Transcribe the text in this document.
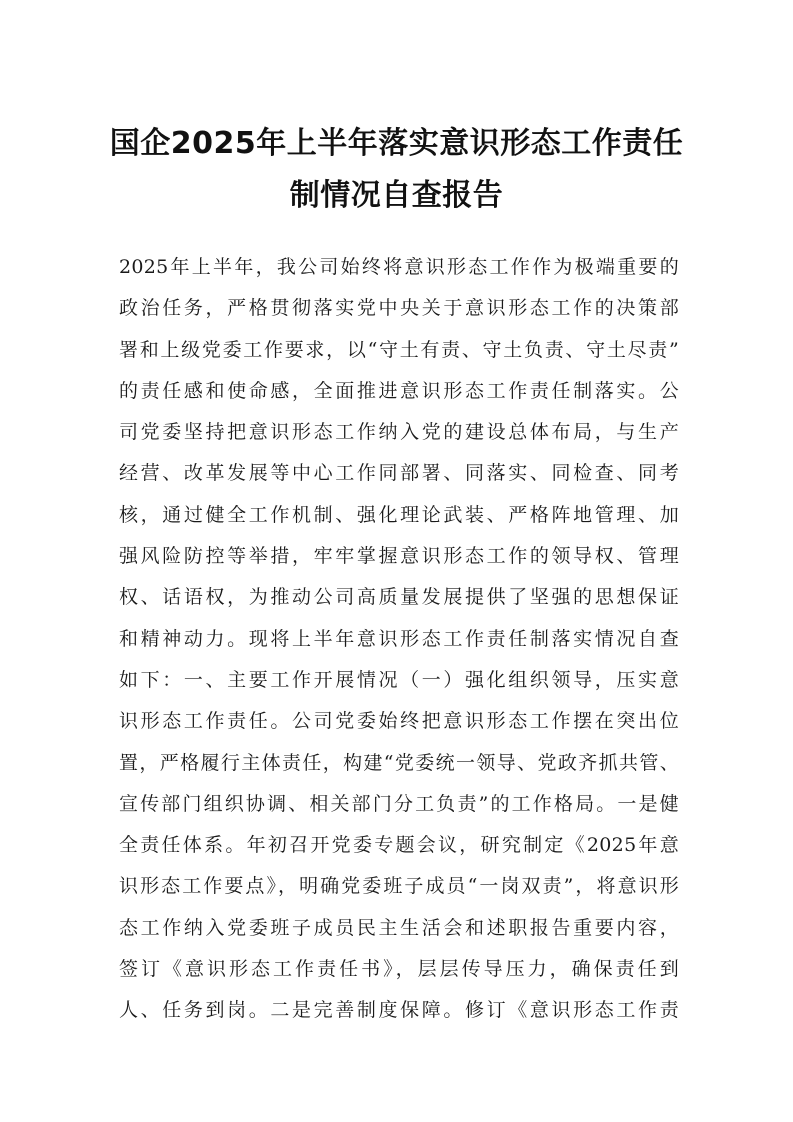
国企2025年上半年落实意识形态工作责任
制情况自查报告
2025年上半年，我公司始终将意识形态工作作为极端重要的
政治任务，严格贯彻落实党中央关于意识形态工作的决策部
署和上级党委工作要求，以“守土有责、守土负责、守土尽责”
的责任感和使命感，全面推进意识形态工作责任制落实。公
司党委坚持把意识形态工作纳入党的建设总体布局，与生产
经营、改革发展等中心工作同部署、同落实、同检查、同考
核，通过健全工作机制、强化理论武装、严格阵地管理、加
强风险防控等举措，牢牢掌握意识形态工作的领导权、管理
权、话语权，为推动公司高质量发展提供了坚强的思想保证
和精神动力。现将上半年意识形态工作责任制落实情况自查
如下：一、主要工作开展情况（一）强化组织领导，压实意
识形态工作责任。公司党委始终把意识形态工作摆在突出位
置，严格履行主体责任，构建“党委统一领导、党政齐抓共管、
宣传部门组织协调、相关部门分工负责”的工作格局。一是健
全责任体系。年初召开党委专题会议，研究制定《2025年意
识形态工作要点》，明确党委班子成员“一岗双责”，将意识形
态工作纳入党委班子成员民主生活会和述职报告重要内容，
签订《意识形态工作责任书》，层层传导压力，确保责任到
人、任务到岗。二是完善制度保障。修订《意识形态工作责
